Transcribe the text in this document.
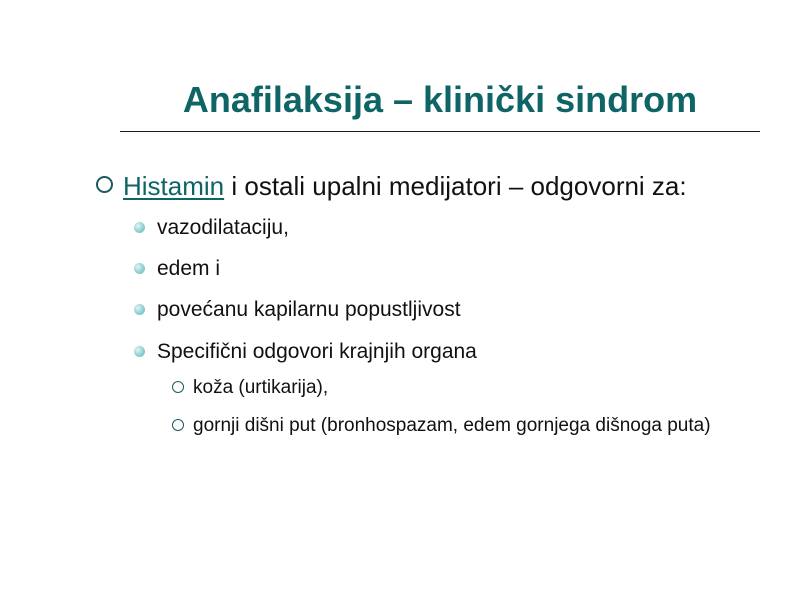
Anafilaksija – klinički sindrom
Histamin i ostali upalni medijatori – odgovorni za:
vazodilataciju,
edem i
povećanu kapilarnu popustljivost
Specifični odgovori krajnjih organa
koža (urtikarija),
gornji dišni put (bronhospazam, edem gornjega dišnoga puta)
